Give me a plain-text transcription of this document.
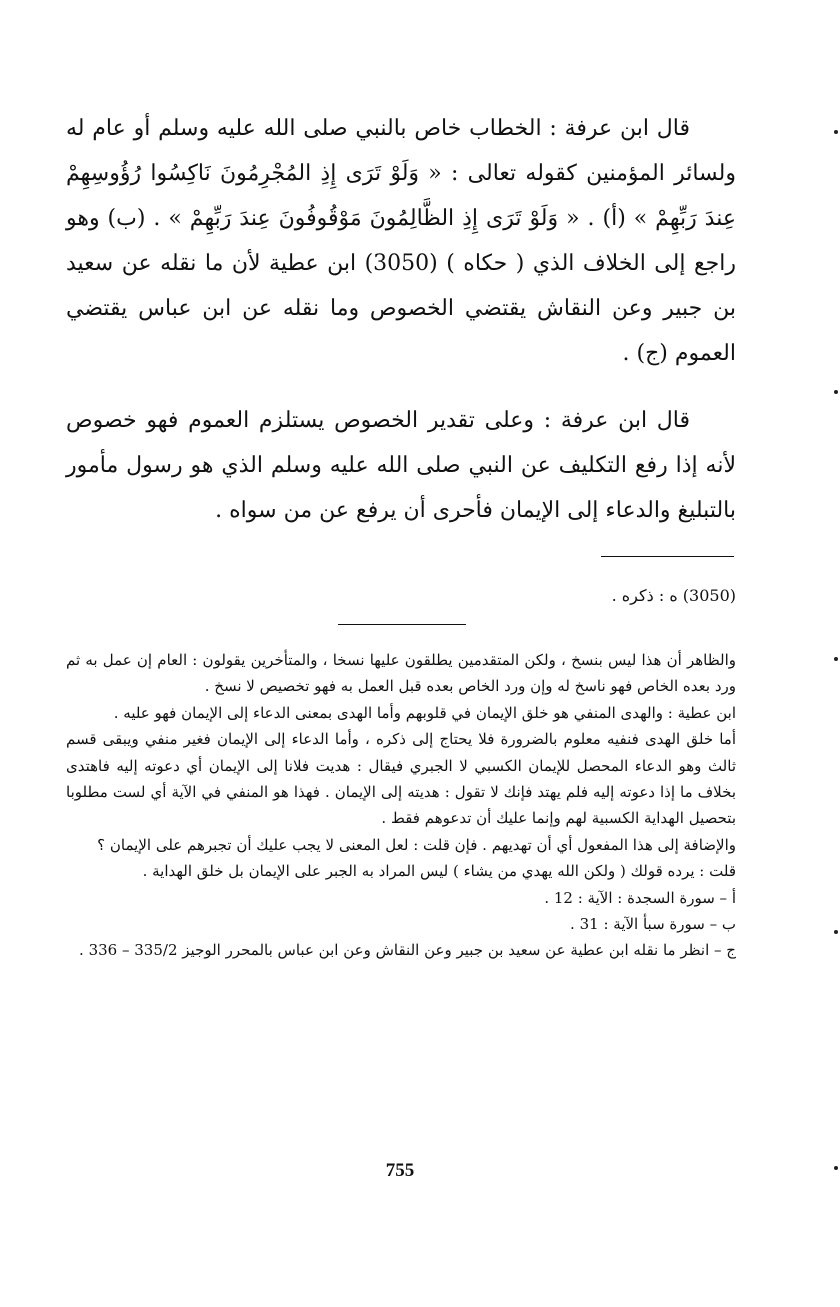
قال ابن عرفة : الخطاب خاص بالنبي صلى الله عليه وسلم أو عام له ولسائر المؤمنين كقوله تعالى : « وَلَوْ تَرَى إِذِ المُجْرِمُونَ نَاكِسُوا رُؤُوسِهِمْ عِندَ رَبِّهِمْ » (أ) . « وَلَوْ تَرَى إِذِ الظَّالِمُونَ مَوْقُوفُونَ عِندَ رَبِّهِمْ » . (ب) وهو راجع إلى الخلاف الذي ( حكاه ) (3050) ابن عطية لأن ما نقله عن سعيد بن جبير وعن النقاش يقتضي الخصوص وما نقله عن ابن عباس يقتضي العموم (ج) .

قال ابن عرفة : وعلى تقدير الخصوص يستلزم العموم فهو خصوص لأنه إذا رفع التكليف عن النبي صلى الله عليه وسلم الذي هو رسول مأمور بالتبليغ والدعاء إلى الإيمان فأحرى أن يرفع عن من سواه .

(3050) ه : ذكره .

والظاهر أن هذا ليس بنسخ ، ولكن المتقدمين يطلقون عليها نسخا ، والمتأخرين يقولون : العام إن عمل به ثم ورد بعده الخاص فهو ناسخ له وإن ورد الخاص بعده قبل العمل به فهو تخصيص لا نسخ .

ابن عطية : والهدى المنفي هو خلق الإيمان في قلوبهم وأما الهدى بمعنى الدعاء إلى الإيمان فهو عليه .

أما خلق الهدى فنفيه معلوم بالضرورة فلا يحتاج إلى ذكره ، وأما الدعاء إلى الإيمان فغير منفي ويبقى قسم ثالث وهو الدعاء المحصل للإيمان الكسبي لا الجبري فيقال : هديت فلانا إلى الإيمان أي دعوته إليه فاهتدى بخلاف ما إذا دعوته إليه فلم يهتد فإنك لا تقول : هديته إلى الإيمان . فهذا هو المنفي في الآية أي لست مطلوبا بتحصيل الهداية الكسبية لهم وإنما عليك أن تدعوهم فقط .

والإضافة إلى هذا المفعول أي أن تهديهم . فإن قلت : لعل المعنى لا يجب عليك أن تجبرهم على الإيمان ؟

قلت : يرده قولك ( ولكن الله يهدي من يشاء ) ليس المراد به الجبر على الإيمان بل خلق الهداية .

أ – سورة السجدة : الآية : 12 .

ب – سورة سبأ الآية : 31 .

ج – انظر ما نقله ابن عطية عن سعيد بن جبير وعن النقاش وعن ابن عباس بالمحرر الوجيز 335/2 – 336 .

755
